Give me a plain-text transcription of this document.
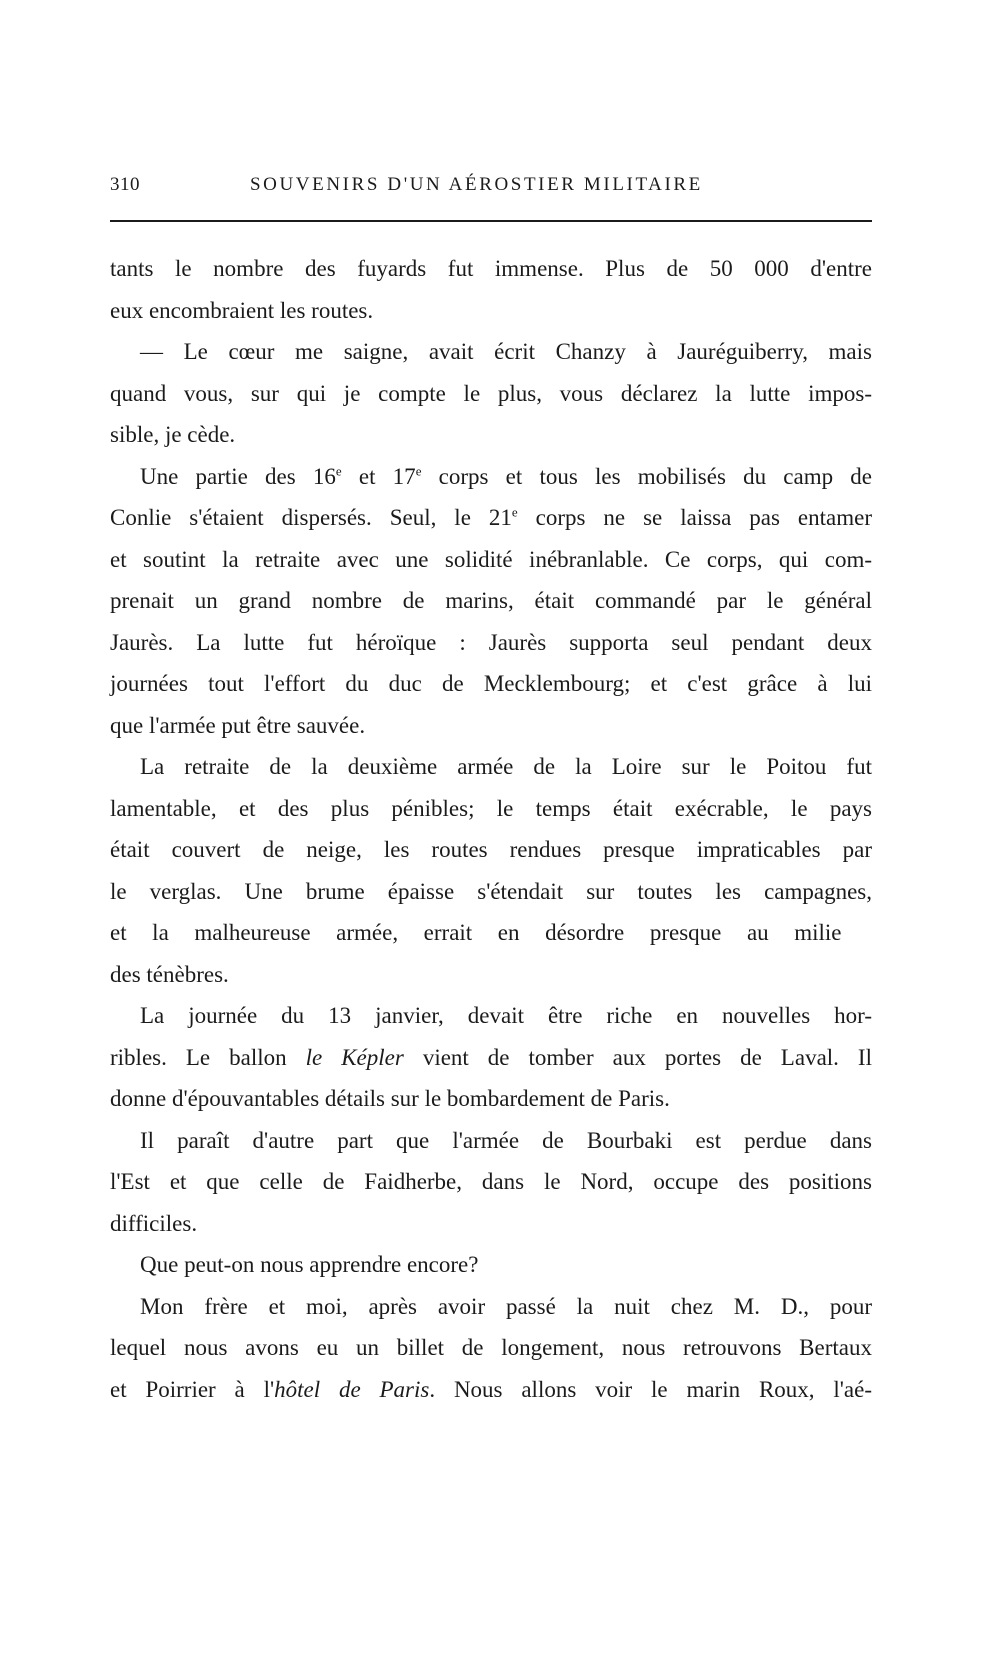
310	SOUVENIRS D'UN AÉROSTIER MILITAIRE

tants le nombre des fuyards fut immense. Plus de 50 000 d'entre
eux encombraient les routes.

— Le cœur me saigne, avait écrit Chanzy à Jauréguiberry, mais
quand vous, sur qui je compte le plus, vous déclarez la lutte impos-
sible, je cède.

Une partie des 16e et 17e corps et tous les mobilisés du camp de
Conlie s'étaient dispersés. Seul, le 21e corps ne se laissa pas entamer
et soutint la retraite avec une solidité inébranlable. Ce corps, qui com-
prenait un grand nombre de marins, était commandé par le général
Jaurès. La lutte fut héroïque : Jaurès supporta seul pendant deux
journées tout l'effort du duc de Mecklembourg; et c'est grâce à lui
que l'armée put être sauvée.

La retraite de la deuxième armée de la Loire sur le Poitou fut
lamentable, et des plus pénibles; le temps était exécrable, le pays
était couvert de neige, les routes rendues presque impraticables par
le verglas. Une brume épaisse s'étendait sur toutes les campagnes,
et la malheureuse armée, errait en désordre presque au milie
des ténèbres.

La journée du 13 janvier, devait être riche en nouvelles hor-
ribles. Le ballon le Képler vient de tomber aux portes de Laval. Il
donne d'épouvantables détails sur le bombardement de Paris.

Il paraît d'autre part que l'armée de Bourbaki est perdue dans
l'Est et que celle de Faidherbe, dans le Nord, occupe des positions
difficiles.

Que peut-on nous apprendre encore?

Mon frère et moi, après avoir passé la nuit chez M. D., pour
lequel nous avons eu un billet de longement, nous retrouvons Bertaux
et Poirrier à l'hôtel de Paris. Nous allons voir le marin Roux, l'aé-
